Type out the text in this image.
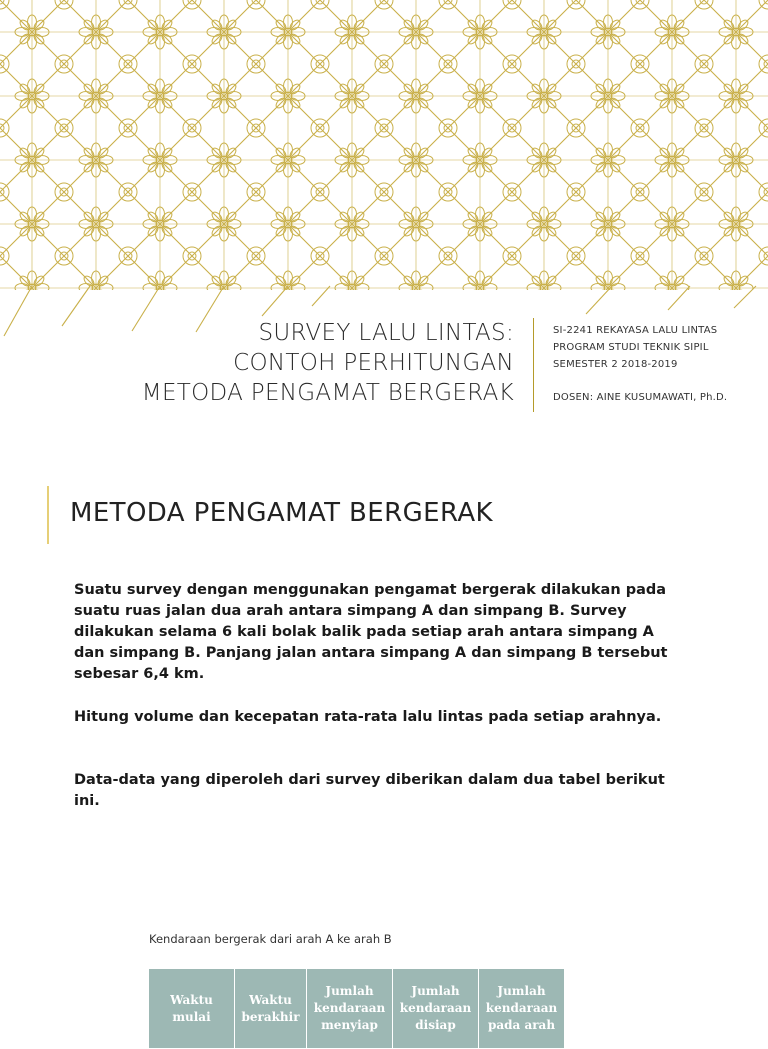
SURVEY LALU LINTAS:
CONTOH PERHITUNGAN
METODA PENGAMAT BERGERAK
SI-2241 REKAYASA LALU LINTAS
PROGRAM STUDI TEKNIK SIPIL
SEMESTER 2 2018-2019
DOSEN: AINE KUSUMAWATI, Ph.D.
METODA PENGAMAT BERGERAK

Suatu survey dengan menggunakan pengamat bergerak dilakukan pada suatu ruas jalan dua arah antara simpang A dan simpang B. Survey dilakukan selama 6 kali bolak balik pada setiap arah antara simpang A dan simpang B. Panjang jalan antara simpang A dan simpang B tersebut sebesar 6,4 km.

Hitung volume dan kecepatan rata-rata lalu lintas pada setiap arahnya.

Data-data yang diperoleh dari survey diberikan dalam dua tabel berikut ini.

Kendaraan bergerak dari arah A ke arah B
Waktu mulai	Waktu berakhir	Jumlah kendaraan menyiap	Jumlah kendaraan disiap	Jumlah kendaraan pada arah
